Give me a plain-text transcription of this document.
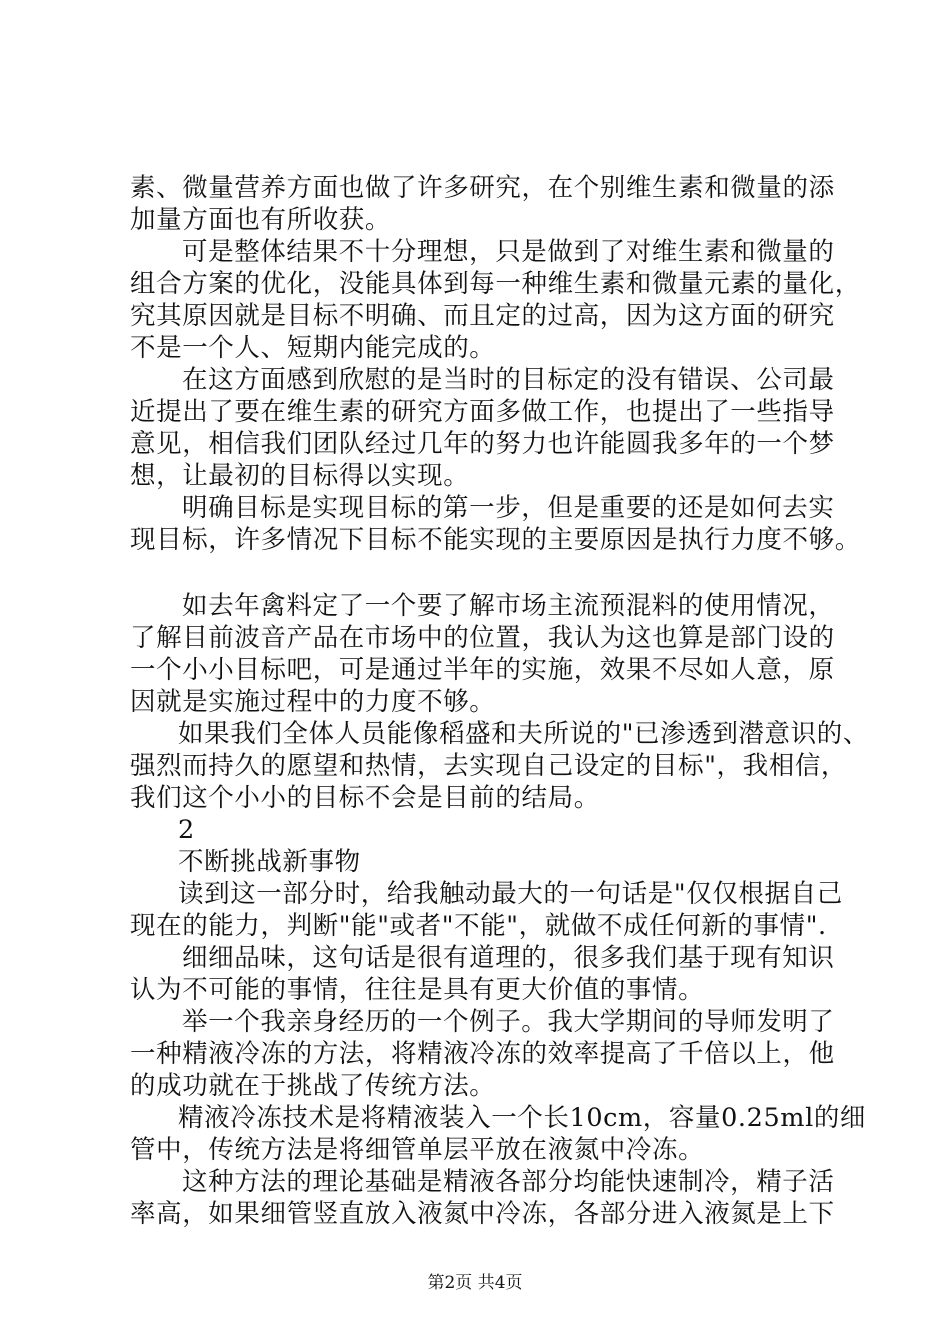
素、微量营养方面也做了许多研究，在个别维生素和微量的添
加量方面也有所收获。
可是整体结果不十分理想，只是做到了对维生素和微量的
组合方案的优化，没能具体到每一种维生素和微量元素的量化，
究其原因就是目标不明确、而且定的过高，因为这方面的研究
不是一个人、短期内能完成的。
在这方面感到欣慰的是当时的目标定的没有错误、公司最
近提出了要在维生素的研究方面多做工作，也提出了一些指导
意见，相信我们团队经过几年的努力也许能圆我多年的一个梦
想，让最初的目标得以实现。
明确目标是实现目标的第一步，但是重要的还是如何去实
现目标，许多情况下目标不能实现的主要原因是执行力度不够。
如去年禽料定了一个要了解市场主流预混料的使用情况，
了解目前波音产品在市场中的位置，我认为这也算是部门设的
一个小小目标吧，可是通过半年的实施，效果不尽如人意，原
因就是实施过程中的力度不够。
如果我们全体人员能像稻盛和夫所说的"已渗透到潜意识的、
强烈而持久的愿望和热情，去实现自己设定的目标"，我相信，
我们这个小小的目标不会是目前的结局。
2
不断挑战新事物
读到这一部分时，给我触动最大的一句话是"仅仅根据自己
现在的能力，判断"能"或者"不能"，就做不成任何新的事情".
细细品味，这句话是很有道理的，很多我们基于现有知识
认为不可能的事情，往往是具有更大价值的事情。
举一个我亲身经历的一个例子。我大学期间的导师发明了
一种精液冷冻的方法，将精液冷冻的效率提高了千倍以上，他
的成功就在于挑战了传统方法。
精液冷冻技术是将精液装入一个长10cm，容量0.25ml的细
管中，传统方法是将细管单层平放在液氮中冷冻。
这种方法的理论基础是精液各部分均能快速制冷，精子活
率高，如果细管竖直放入液氮中冷冻，各部分进入液氮是上下
第2页 共4页
